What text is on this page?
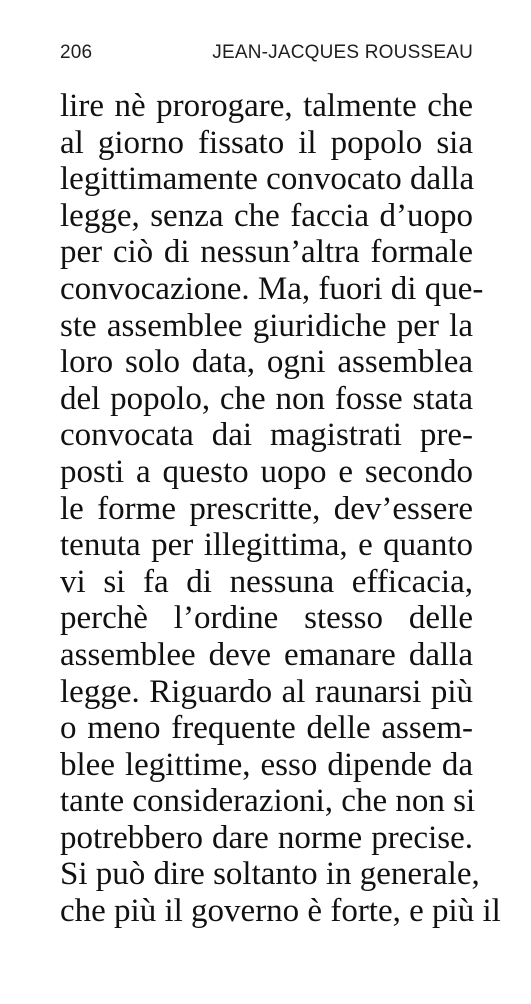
206	JEAN-JACQUES ROUSSEAU
lire nè prorogare, talmente che
al giorno fissato il popolo sia
legittimamente convocato dalla
legge, senza che faccia d’uopo
per ciò di nessun’altra formale
convocazione. Ma, fuori di que-
ste assemblee giuridiche per la
loro solo data, ogni assemblea
del popolo, che non fosse stata
convocata dai magistrati pre-
posti a questo uopo e secondo
le forme prescritte, dev’essere
tenuta per illegittima, e quanto
vi si fa di nessuna efficacia,
perchè l’ordine stesso delle
assemblee deve emanare dalla
legge. Riguardo al raunarsi più
o meno frequente delle assem-
blee legittime, esso dipende da
tante considerazioni, che non si
potrebbero dare norme precise.
Si può dire soltanto in generale,
che più il governo è forte, e più il
